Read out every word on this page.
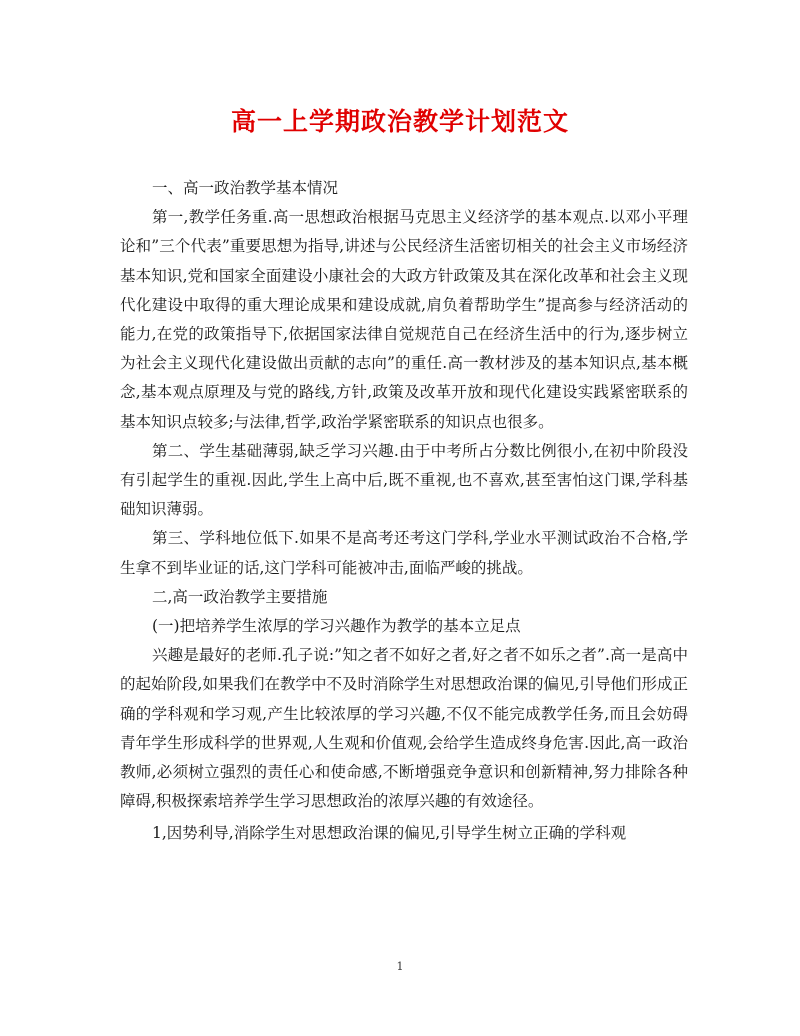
高一上学期政治教学计划范文

一、高一政治教学基本情况

第一,教学任务重.高一思想政治根据马克思主义经济学的基本观点.以邓小平理论和”三个代表”重要思想为指导,讲述与公民经济生活密切相关的社会主义市场经济基本知识,党和国家全面建设小康社会的大政方针政策及其在深化改革和社会主义现代化建设中取得的重大理论成果和建设成就,肩负着帮助学生”提高参与经济活动的能力,在党的政策指导下,依据国家法律自觉规范自己在经济生活中的行为,逐步树立为社会主义现代化建设做出贡献的志向”的重任.高一教材涉及的基本知识点,基本概念,基本观点原理及与党的路线,方针,政策及改革开放和现代化建设实践紧密联系的基本知识点较多;与法律,哲学,政治学紧密联系的知识点也很多。

第二、学生基础薄弱,缺乏学习兴趣.由于中考所占分数比例很小,在初中阶段没有引起学生的重视.因此,学生上高中后,既不重视,也不喜欢,甚至害怕这门课,学科基础知识薄弱。

第三、学科地位低下.如果不是高考还考这门学科,学业水平测试政治不合格,学生拿不到毕业证的话,这门学科可能被冲击,面临严峻的挑战。

二,高一政治教学主要措施

(一)把培养学生浓厚的学习兴趣作为教学的基本立足点

兴趣是最好的老师.孔子说:”知之者不如好之者,好之者不如乐之者”.高一是高中的起始阶段,如果我们在教学中不及时消除学生对思想政治课的偏见,引导他们形成正确的学科观和学习观,产生比较浓厚的学习兴趣,不仅不能完成教学任务,而且会妨碍青年学生形成科学的世界观,人生观和价值观,会给学生造成终身危害.因此,高一政治教师,必须树立强烈的责任心和使命感,不断增强竞争意识和创新精神,努力排除各种障碍,积极探索培养学生学习思想政治的浓厚兴趣的有效途径。

1,因势利导,消除学生对思想政治课的偏见,引导学生树立正确的学科观

1
